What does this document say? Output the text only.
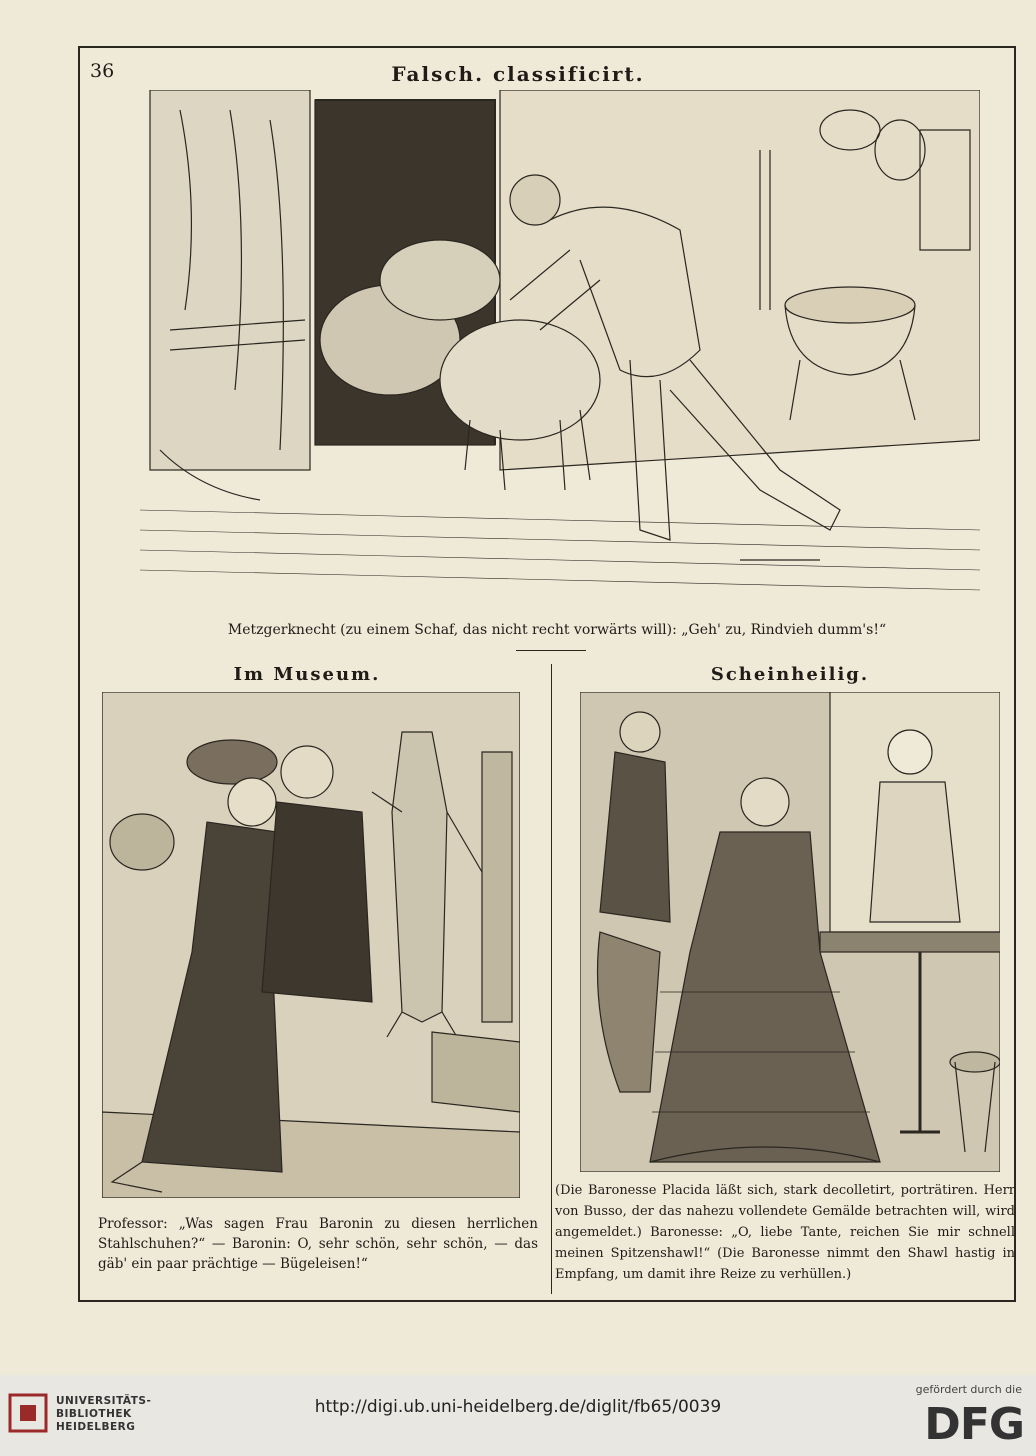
36	Falsch. classificirt.
Metzgerknecht (zu einem Schaf, das nicht recht vorwärts will): „Geh' zu, Rindvieh dumm's!“
Im Museum.	Scheinheilig.
Professor: „Was sagen Frau Baronin zu diesen herrlichen Stahlschuhen?“ — Baronin: O, sehr schön, sehr schön, — das gäb' ein paar prächtige — Bügeleisen!“
(Die Baronesse Placida läßt sich, stark decolletirt, porträtiren. Herr von Busso, der das nahezu vollendete Gemälde betrachten will, wird angemeldet.) Baronesse: „O, liebe Tante, reichen Sie mir schnell meinen Spitzenshawl!“ (Die Baronesse nimmt den Shawl hastig in Empfang, um damit ihre Reize zu verhüllen.)
UNIVERSITÄTS-
BIBLIOTHEK
HEIDELBERG
http://digi.ub.uni-heidelberg.de/diglit/fb65/0039
gefördert durch die
DFG
